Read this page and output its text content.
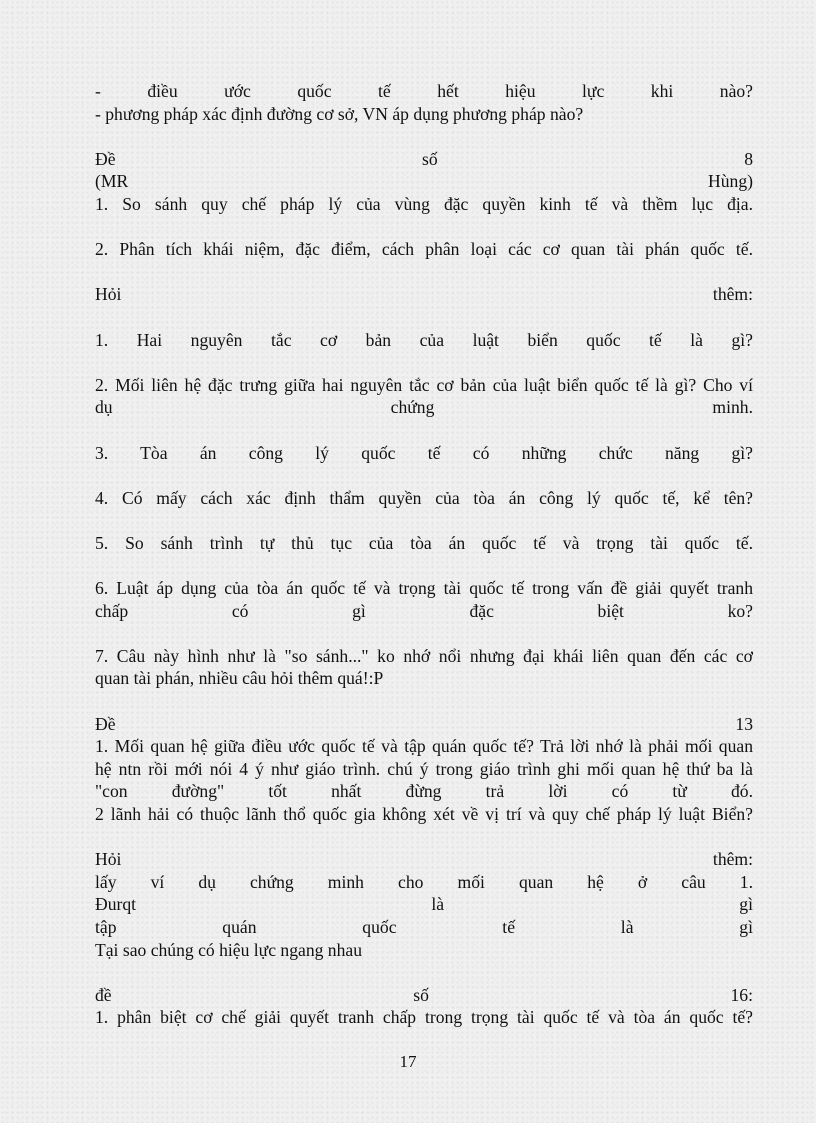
- điều ước quốc tế hết hiệu lực khi nào?

- phương pháp xác định đường cơ sở, VN áp dụng phương pháp nào?

Đề số 8

(MR Hùng)

1. So sánh quy chế pháp lý của vùng đặc quyền kinh tế và thềm lục địa.

2. Phân tích khái niệm, đặc điểm, cách phân loại các cơ quan tài phán quốc tế.

Hỏi thêm:

1. Hai nguyên tắc cơ bản của luật biển quốc tế là gì?

2. Mối liên hệ đặc trưng giữa hai nguyên tắc cơ bản của luật biển quốc tế là gì? Cho ví

dụ chứng minh.

3. Tòa án công lý quốc tế có những chức năng gì?

4. Có mấy cách xác định thẩm quyền của tòa án công lý quốc tế, kể tên?

5. So sánh trình tự thủ tục của tòa án quốc tế và trọng tài quốc tế.

6. Luật áp dụng của tòa án quốc tế và trọng tài quốc tế trong vấn đề giải quyết tranh

chấp có gì đặc biệt ko?

7. Câu này hình như là "so sánh..." ko nhớ nổi nhưng đại khái liên quan đến các cơ

quan tài phán, nhiều câu hỏi thêm quá!:P

Đề 13

1. Mối quan hệ giữa điều ước quốc tế và tập quán quốc tế? Trả lời nhớ là phải mối quan

hệ ntn rồi mới nói 4 ý như giáo trình. chú ý trong giáo trình ghi mối quan hệ thứ ba là

"con đường" tốt nhất đừng trả lời có từ đó.

2 lãnh hải có thuộc lãnh thổ quốc gia không xét về vị trí và quy chế pháp lý luật Biển?

Hỏi thêm:

lấy ví dụ chứng minh cho mối quan hệ ở câu 1.

Đurqt là gì

tập quán quốc tế là gì

Tại sao chúng có hiệu lực ngang nhau

đề số 16:

1. phân biệt cơ chế giải quyết tranh chấp trong trọng tài quốc tế và tòa án quốc tế?

17
